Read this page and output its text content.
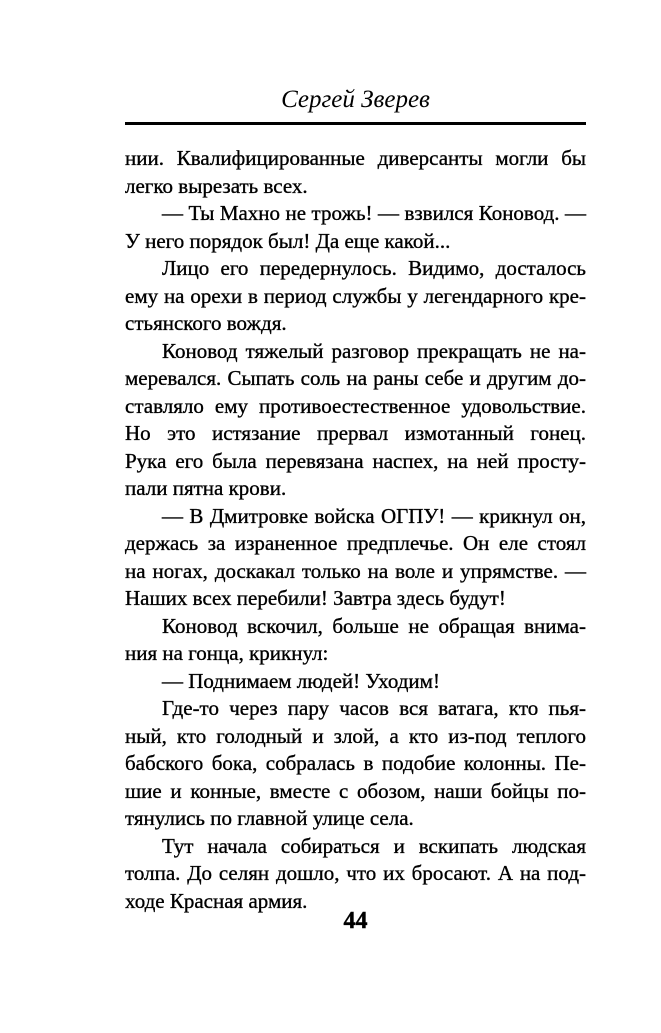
Сергей Зверев
нии. Квалифицированные диверсанты могли бы
легко вырезать всех.
— Ты Махно не трожь! — взвился Коновод. —
У него порядок был! Да еще какой...
Лицо его передернулось. Видимо, досталось
ему на орехи в период службы у легендарного кре-
стьянского вождя.
Коновод тяжелый разговор прекращать не на-
меревался. Сыпать соль на раны себе и другим до-
ставляло ему противоестественное удовольствие.
Но это истязание прервал измотанный гонец.
Рука его была перевязана наспех, на ней просту-
пали пятна крови.
— В Дмитровке войска ОГПУ! — крикнул он,
держась за израненное предплечье. Он еле стоял
на ногах, доскакал только на воле и упрямстве. —
Наших всех перебили! Завтра здесь будут!
Коновод вскочил, больше не обращая внима-
ния на гонца, крикнул:
— Поднимаем людей! Уходим!
Где-то через пару часов вся ватага, кто пья-
ный, кто голодный и злой, а кто из-под теплого
бабского бока, собралась в подобие колонны. Пе-
шие и конные, вместе с обозом, наши бойцы по-
тянулись по главной улице села.
Тут начала собираться и вскипать людская
толпа. До селян дошло, что их бросают. А на под-
ходе Красная армия.
44
